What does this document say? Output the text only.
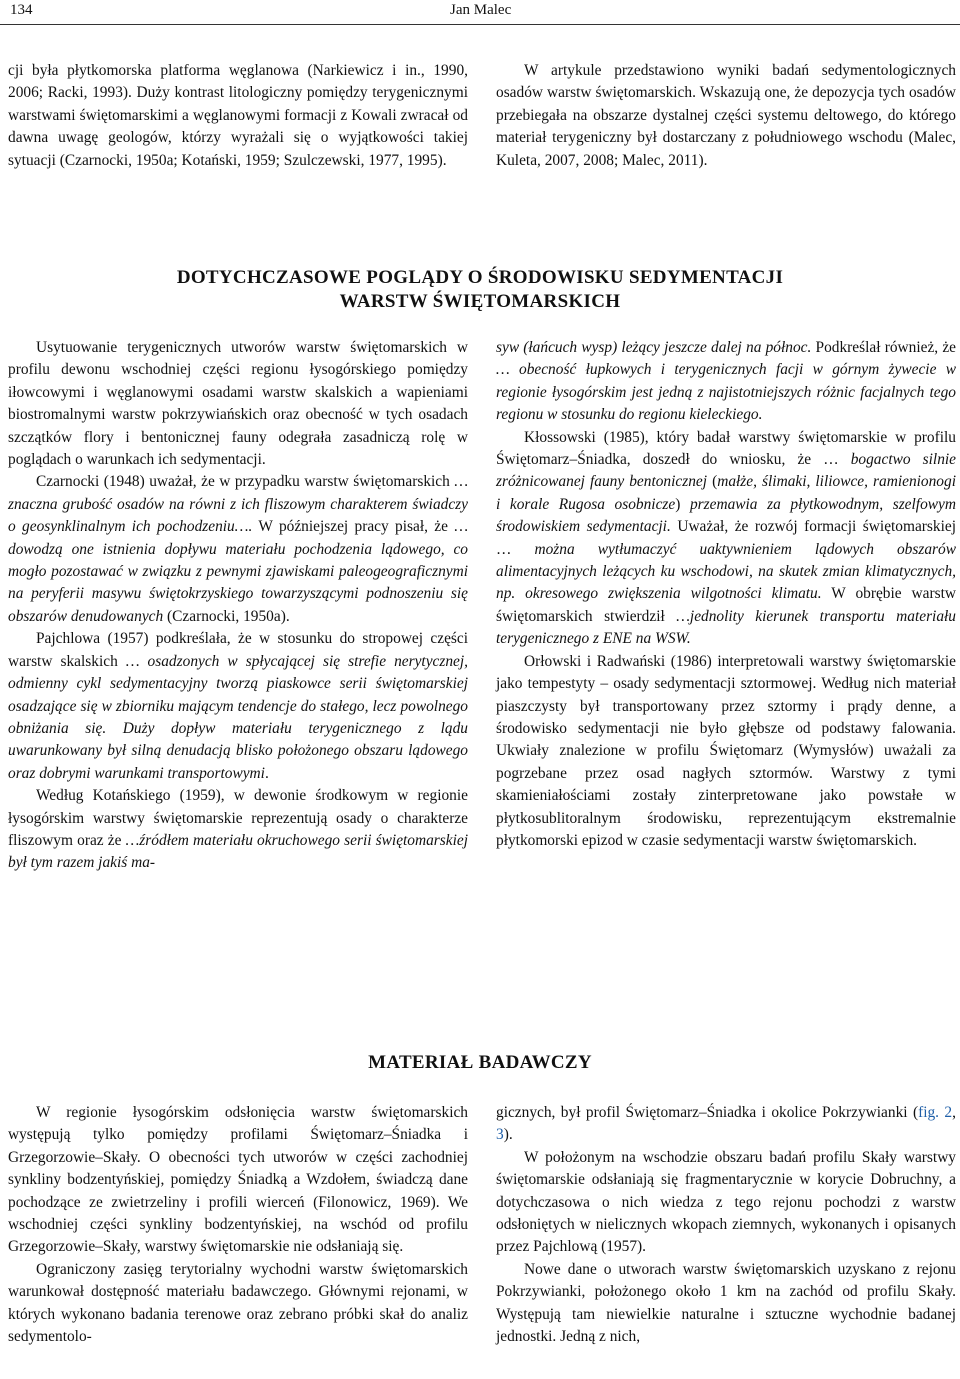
134	Jan Malec

cji była płytkomorska platforma węglanowa (Narkiewicz i in., 1990, 2006; Racki, 1993). Duży kontrast litologiczny pomiędzy terygenicznymi warstwami świętomarskimi a węglanowymi formacji z Kowali zwracał od dawna uwagę geologów, którzy wyrażali się o wyjątkowości takiej sytuacji (Czarnocki, 1950a; Kotański, 1959; Szulczewski, 1977, 1995).

W artykule przedstawiono wyniki badań sedymentologicznych osadów warstw świętomarskich. Wskazują one, że depozycja tych osadów przebiegała na obszarze dystalnej części systemu deltowego, do którego materiał terygeniczny był dostarczany z południowego wschodu (Malec, Kuleta, 2007, 2008; Malec, 2011).

DOTYCHCZASOWE POGLĄDY O ŚRODOWISKU SEDYMENTACJI
WARSTW ŚWIĘTOMARSKICH

Usytuowanie terygenicznych utworów warstw świętomarskich w profilu dewonu wschodniej części regionu łysogórskiego pomiędzy iłowcowymi i węglanowymi osadami warstw skalskich a wapieniami biostromalnymi warstw pokrzywiańskich oraz obecność w tych osadach szczątków flory i bentonicznej fauny odegrała zasadniczą rolę w poglądach o warunkach ich sedymentacji.

Czarnocki (1948) uważał, że w przypadku warstw świętomarskich …znaczna grubość osadów na równi z ich fliszowym charakterem świadczy o geosynklinalnym ich pochodzeniu…. W późniejszej pracy pisał, że …dowodzą one istnienia dopływu materiału pochodzenia lądowego, co mogło pozostawać w związku z pewnymi zjawiskami paleogeograficznymi na peryferii masywu świętokrzyskiego towarzyszącymi podnoszeniu się obszarów denudowanych (Czarnocki, 1950a).

Pajchlowa (1957) podkreślała, że w stosunku do stropowej części warstw skalskich … osadzonych w spłycającej się strefie nerytycznej, odmienny cykl sedymentacyjny tworzą piaskowce serii świętomarskiej osadzające się w zbiorniku mającym tendencje do stałego, lecz powolnego obniżania się. Duży dopływ materiału terygenicznego z lądu uwarunkowany był silną denudacją blisko położonego obszaru lądowego oraz dobrymi warunkami transportowymi.

Według Kotańskiego (1959), w dewonie środkowym w regionie łysogórskim warstwy świętomarskie reprezentują osady o charakterze fliszowym oraz że …źródłem materiału okruchowego serii świętomarskiej był tym razem jakiś ma-

syw (łańcuch wysp) leżący jeszcze dalej na północ. Podkreślał również, że … obecność łupkowych i terygenicznych facji w górnym żywecie w regionie łysogórskim jest jedną z najistotniejszych różnic facjalnych tego regionu w stosunku do regionu kieleckiego.

Kłossowski (1985), który badał warstwy świętomarskie w profilu Świętomarz–Śniadka, doszedł do wniosku, że … bogactwo silnie zróżnicowanej fauny bentonicznej (małże, ślimaki, liliowce, ramienionogi i korale Rugosa osobnicze) przemawia za płytkowodnym, szelfowym środowiskiem sedymentacji. Uważał, że rozwój formacji świętomarskiej … można wytłumaczyć uaktywnieniem lądowych obszarów alimentacyjnych leżących ku wschodowi, na skutek zmian klimatycznych, np. okresowego zwiększenia wilgotności klimatu. W obrębie warstw świętomarskich stwierdził …jednolity kierunek transportu materiału terygenicznego z ENE na WSW.

Orłowski i Radwański (1986) interpretowali warstwy świętomarskie jako tempestyty – osady sedymentacji sztormowej. Według nich materiał piaszczysty był transportowany przez sztormy i prądy denne, a środowisko sedymentacji nie było głębsze od podstawy falowania. Ukwiały znalezione w profilu Świętomarz (Wymysłów) uważali za pogrzebane przez osad nagłych sztormów. Warstwy z tymi skamieniałościami zostały zinterpretowane jako powstałe w płytkosublitoralnym środowisku, reprezentującym ekstremalnie płytkomorski epizod w czasie sedymentacji warstw świętomarskich.

MATERIAŁ BADAWCZY

W regionie łysogórskim odsłonięcia warstw świętomarskich występują tylko pomiędzy profilami Świętomarz–Śniadka i Grzegorzowie–Skały. O obecności tych utworów w części zachodniej synkliny bodzentyńskiej, pomiędzy Śniadką a Wzdołem, świadczą dane pochodzące ze zwietrzeliny i profili wierceń (Filonowicz, 1969). We wschodniej części synkliny bodzentyńskiej, na wschód od profilu Grzegorzowie–Skały, warstwy świętomarskie nie odsłaniają się.

Ograniczony zasięg terytorialny wychodni warstw świętomarskich warunkował dostępność materiału badawczego. Głównymi rejonami, w których wykonano badania terenowe oraz zebrano próbki skał do analiz sedymentolo-

gicznych, był profil Świętomarz–Śniadka i okolice Pokrzywianki (fig. 2, 3).

W położonym na wschodzie obszaru badań profilu Skały warstwy świętomarskie odsłaniają się fragmentarycznie w korycie Dobruchny, a dotychczasowa o nich wiedza z tego rejonu pochodzi z warstw odsłoniętych w nielicznych wkopach ziemnych, wykonanych i opisanych przez Pajchlową (1957).

Nowe dane o utworach warstw świętomarskich uzyskano z rejonu Pokrzywianki, położonego około 1 km na zachód od profilu Skały. Występują tam niewielkie naturalne i sztuczne wychodnie badanej jednostki. Jedną z nich,
